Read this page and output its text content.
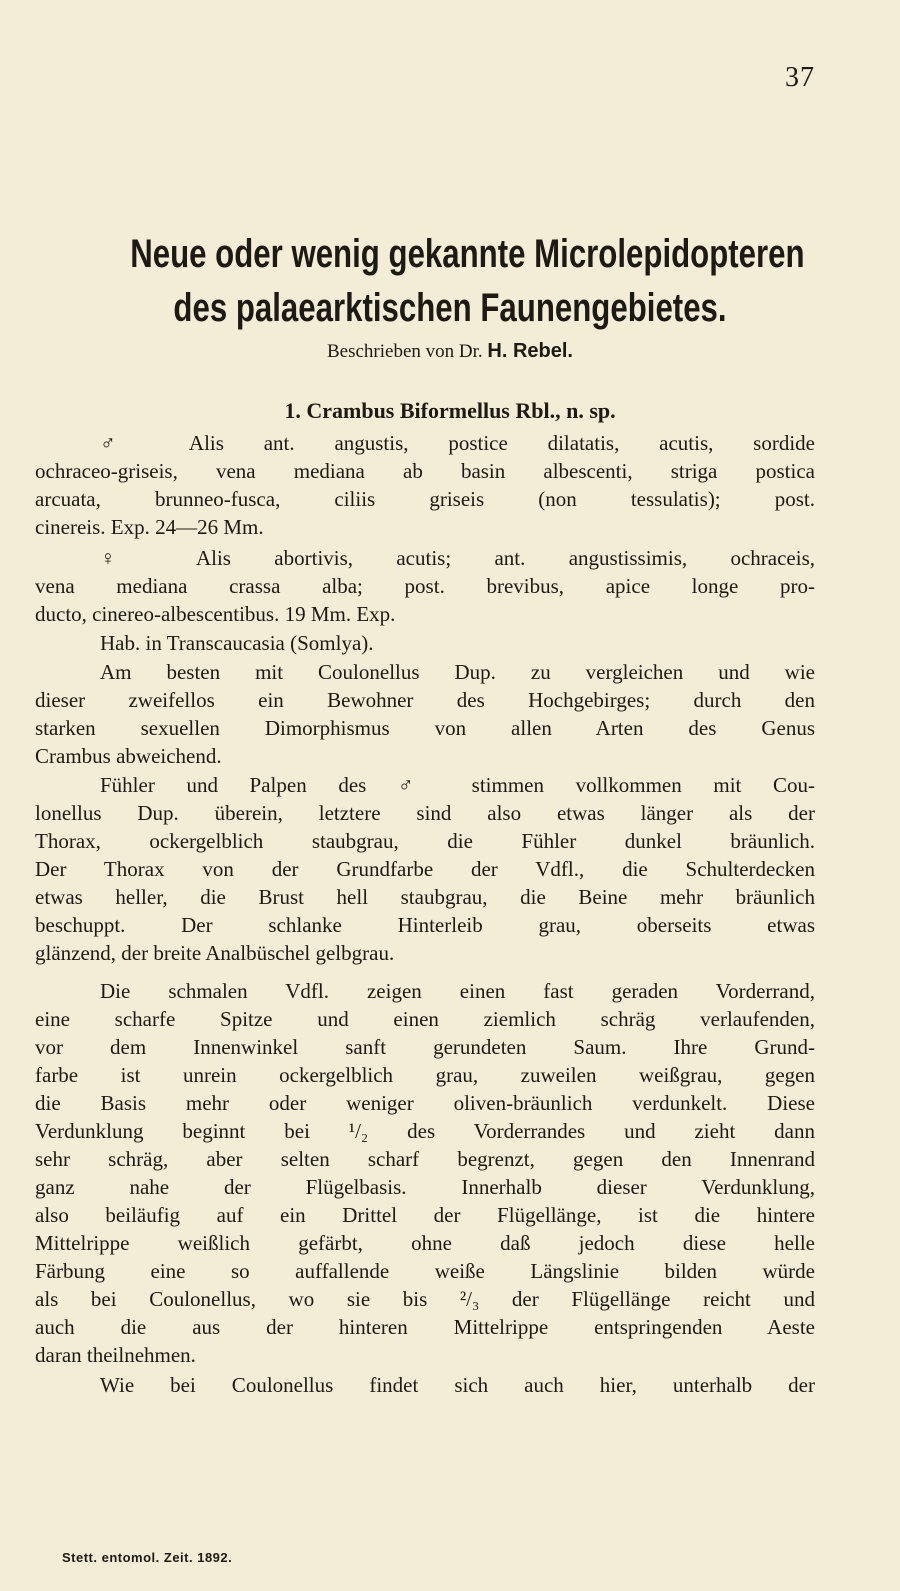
37
Neue oder wenig gekannte Microlepidopteren
des palaearktischen Faunengebietes.
Beschrieben von Dr. H. Rebel.
1. Crambus Biformellus Rbl., n. sp.
♂ Alis ant. angustis, postice dilatatis, acutis, sordide
ochraceo-griseis, vena mediana ab basin albescenti, striga postica
arcuata, brunneo-fusca, ciliis griseis (non tessulatis); post.
cinereis. Exp. 24—26 Mm.
♀ Alis abortivis, acutis; ant. angustissimis, ochraceis,
vena mediana crassa alba; post. brevibus, apice longe pro-
ducto, cinereo-albescentibus. 19 Mm. Exp.
Hab. in Transcaucasia (Somlya).
Am besten mit Coulonellus Dup. zu vergleichen und wie
dieser zweifellos ein Bewohner des Hochgebirges; durch den
starken sexuellen Dimorphismus von allen Arten des Genus
Crambus abweichend.
Fühler und Palpen des ♂ stimmen vollkommen mit Cou-
lonellus Dup. überein, letztere sind also etwas länger als der
Thorax, ockergelblich staubgrau, die Fühler dunkel bräunlich.
Der Thorax von der Grundfarbe der Vdfl., die Schulterdecken
etwas heller, die Brust hell staubgrau, die Beine mehr bräunlich
beschuppt. Der schlanke Hinterleib grau, oberseits etwas
glänzend, der breite Analbüschel gelbgrau.
Die schmalen Vdfl. zeigen einen fast geraden Vorderrand,
eine scharfe Spitze und einen ziemlich schräg verlaufenden,
vor dem Innenwinkel sanft gerundeten Saum. Ihre Grund-
farbe ist unrein ockergelblich grau, zuweilen weißgrau, gegen
die Basis mehr oder weniger oliven-bräunlich verdunkelt. Diese
Verdunklung beginnt bei ¹/₂ des Vorderrandes und zieht dann
sehr schräg, aber selten scharf begrenzt, gegen den Innenrand
ganz nahe der Flügelbasis. Innerhalb dieser Verdunklung,
also beiläufig auf ein Drittel der Flügellänge, ist die hintere
Mittelrippe weißlich gefärbt, ohne daß jedoch diese helle
Färbung eine so auffallende weiße Längslinie bilden würde
als bei Coulonellus, wo sie bis ²/₃ der Flügellänge reicht und
auch die aus der hinteren Mittelrippe entspringenden Aeste
daran theilnehmen.
Wie bei Coulonellus findet sich auch hier, unterhalb der
Stett. entomol. Zeit. 1892.
